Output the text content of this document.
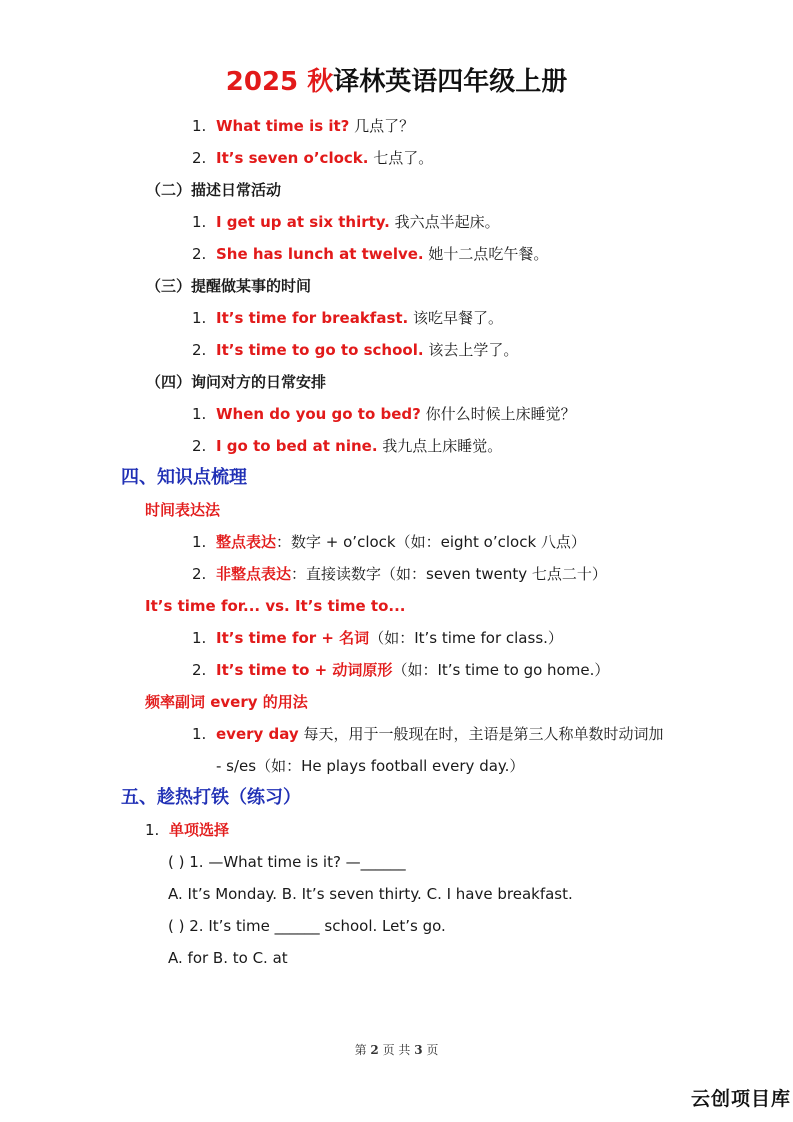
2025 秋译林英语四年级上册
1. What time is it? 几点了？
2. It’s seven o’clock. 七点了。
（二）描述日常活动
1. I get up at six thirty. 我六点半起床。
2. She has lunch at twelve. 她十二点吃午餐。
（三）提醒做某事的时间
1. It’s time for breakfast. 该吃早餐了。
2. It’s time to go to school. 该去上学了。
（四）询问对方的日常安排
1. When do you go to bed? 你什么时候上床睡觉？
2. I go to bed at nine. 我九点上床睡觉。
四、知识点梳理
时间表达法
1. 整点表达：数字 + o’clock（如：eight o’clock 八点）
2. 非整点表达：直接读数字（如：seven twenty 七点二十）
It’s time for... vs. It’s time to...
1. It’s time for + 名词（如：It’s time for class.）
2. It’s time to + 动词原形（如：It’s time to go home.）
频率副词 every 的用法
1. every day 每天，用于一般现在时，主语是第三人称单数时动词加
- s/es（如：He plays football every day.）
五、趁热打铁（练习）
1. 单项选择
( ) 1. —What time is it? —______
A. It’s Monday. B. It’s seven thirty. C. I have breakfast.
( ) 2. It’s time ______ school. Let’s go.
A. for B. to C. at
第 2 页 共 3 页
云创项目库
